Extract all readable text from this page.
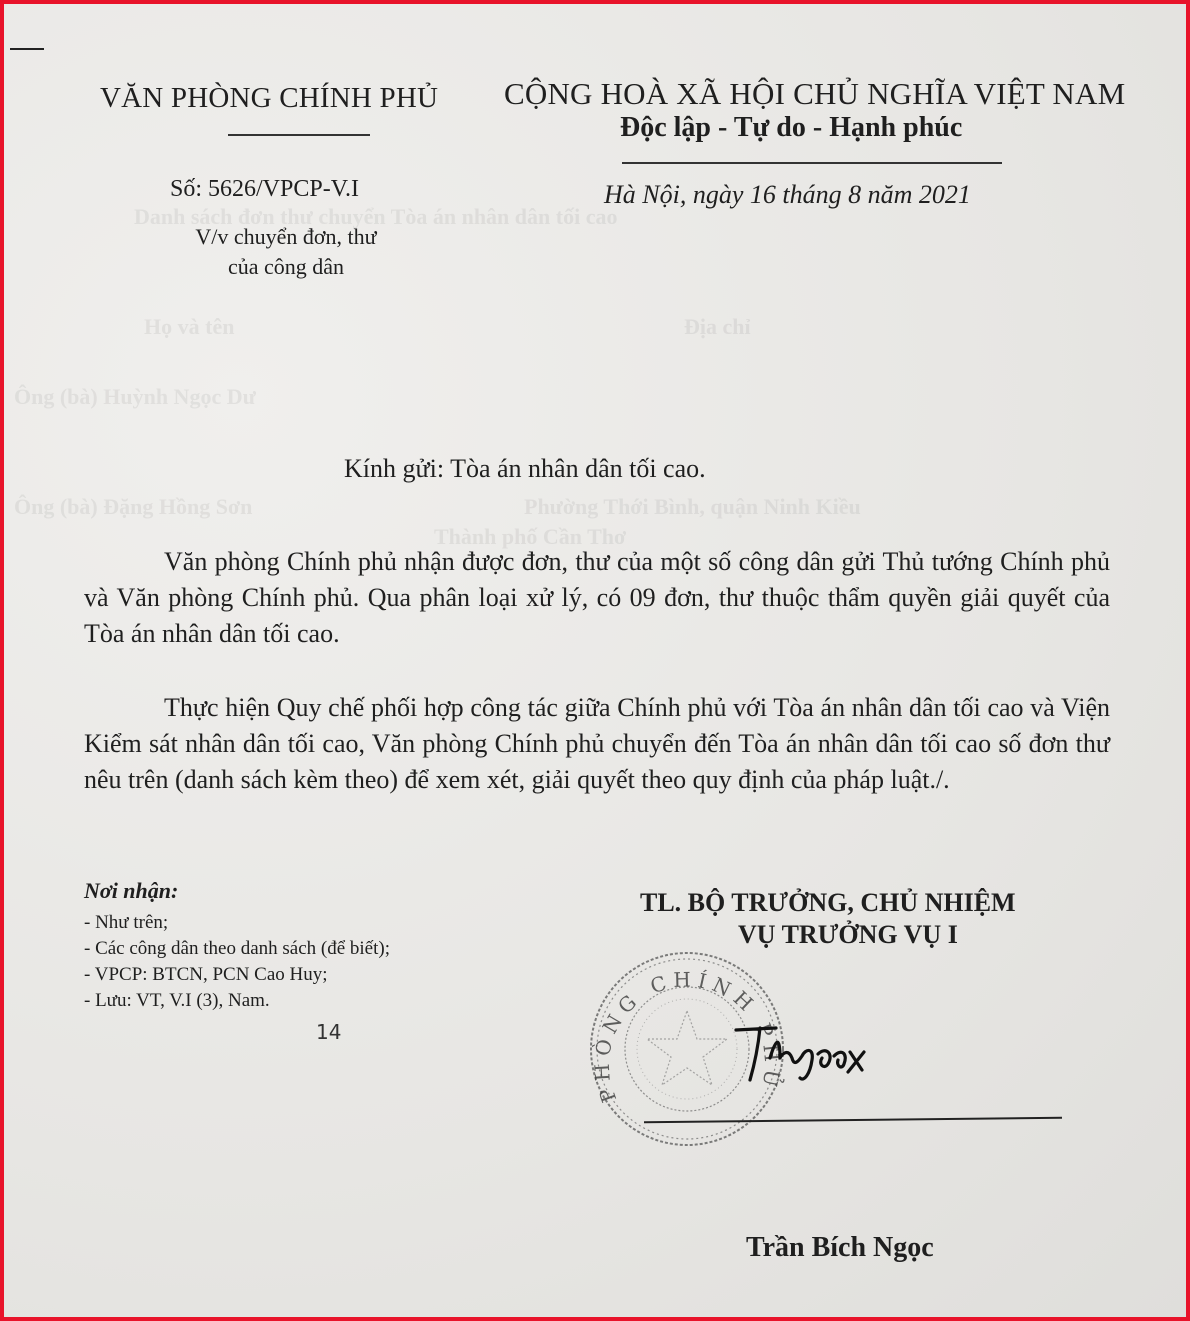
Danh sách đơn thư chuyển Tòa án nhân dân tối cao
Họ và tên	Địa chỉ
Ông (bà) Huỳnh Ngọc Dư
Ông (bà) Đặng Hồng Sơn	Phường Thới Bình, quận Ninh Kiều
Thành phố Cần Thơ
VĂN PHÒNG CHÍNH PHỦ
Số: 5626/VPCP-V.I
V/v chuyển đơn, thư
của công dân
CỘNG HOÀ XÃ HỘI CHỦ NGHĨA VIỆT NAM
Độc lập - Tự do - Hạnh phúc
Hà Nội, ngày 16 tháng 8 năm 2021
Kính gửi: Tòa án nhân dân tối cao.
Văn phòng Chính phủ nhận được đơn, thư của một số công dân gửi Thủ tướng Chính phủ và Văn phòng Chính phủ. Qua phân loại xử lý, có 09 đơn, thư thuộc thẩm quyền giải quyết của Tòa án nhân dân tối cao.
Thực hiện Quy chế phối hợp công tác giữa Chính phủ với Tòa án nhân dân tối cao và Viện Kiểm sát nhân dân tối cao, Văn phòng Chính phủ chuyển đến Tòa án nhân dân tối cao số đơn thư nêu trên (danh sách kèm theo) để xem xét, giải quyết theo quy định của pháp luật./.
Nơi nhận:
- Như trên;
- Các công dân theo danh sách (để biết);
- VPCP: BTCN, PCN Cao Huy;
- Lưu: VT, V.I (3), Nam.
14
TL. BỘ TRƯỞNG, CHỦ NHIỆM
VỤ TRƯỞNG VỤ I
PHÒNG CHÍNH PHỦ
Trần Bích Ngọc
